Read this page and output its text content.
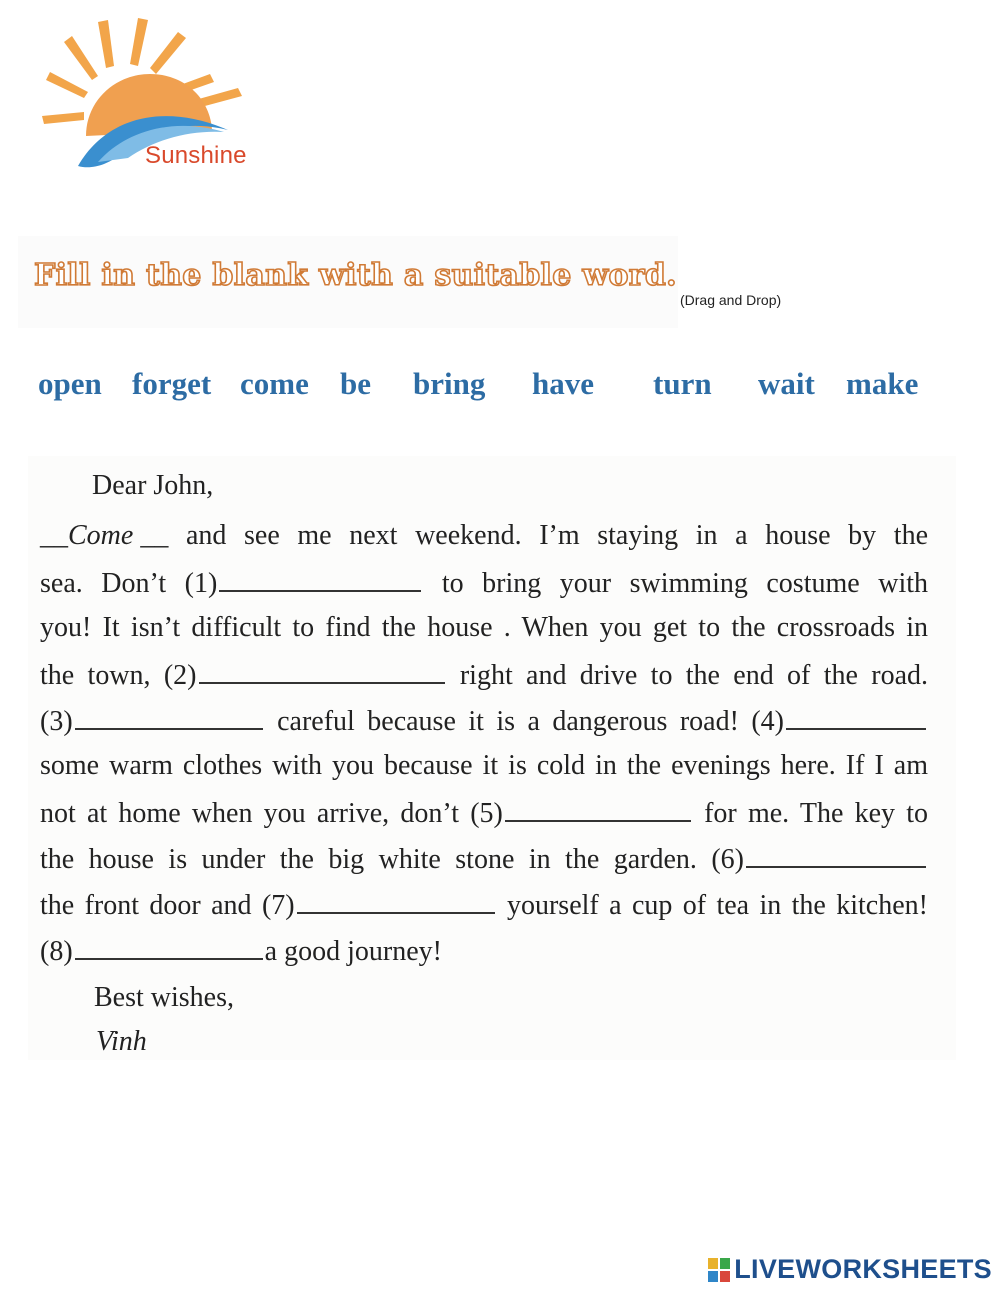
Sunshine
Fill in the blank with a suitable word.
(Drag and Drop)
open forget come be bring have turn wait make
Dear John,
__Come __ and see me next weekend. I’m staying in a house by the
sea. Don’t (1)	to bring your swimming costume with
you! It isn’t difficult to find the house . When you get to the crossroads in
the town, (2)	right and drive to the end of the road.
(3)	careful because it is a dangerous road! (4)
some warm clothes with you because it is cold in the evenings here. If I am
not at home when you arrive, don’t (5)	for me. The key to
the house is under the big white stone in the garden. (6)
the front door and (7)	yourself a cup of tea in the kitchen!
(8)	a good journey!
Best wishes,
Vinh
LIVEWORKSHEETS
